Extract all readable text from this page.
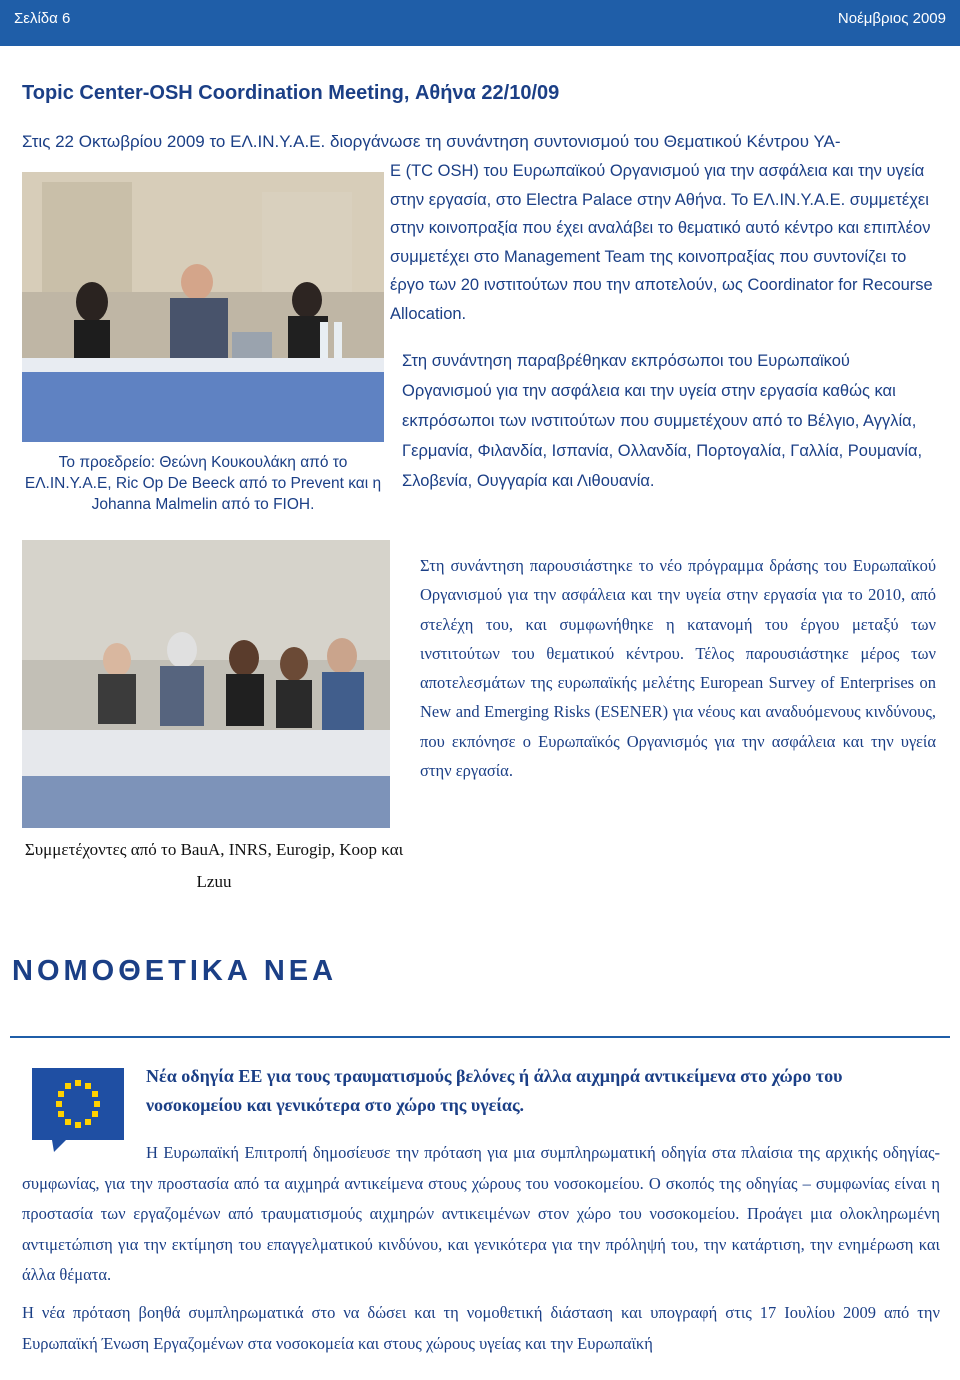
Σελίδα 6	Νοέμβριος 2009
Topic Center-OSH Coordination Meeting, Αθήνα 22/10/09
Στις 22 Οκτωβρίου 2009 το ΕΛ.ΙΝ.Υ.Α.Ε. διοργάνωσε τη συνάντηση συντονισμού του Θεματικού Κέντρου ΥΑ-
Το προεδρείο: Θεώνη Κουκουλάκη από το ΕΛ.ΙΝ.Υ.Α.Ε, Ric Op De Beeck από το Prevent και η Johanna Malmelin από το FIOH.
Ε (TC OSH) του Ευρωπαϊκού Οργανισμού για την ασφάλεια και την υγεία στην εργασία, στο Electra Palace στην Αθήνα. Το ΕΛ.ΙΝ.Υ.Α.Ε. συμμετέχει στην κοινοπραξία που έχει αναλάβει το θεματικό αυτό κέντρο και επιπλέον συμμετέχει στο Management Team της κοινοπραξίας που συντονίζει το έργο των 20 ινστιτούτων που την αποτελούν, ως Coordinator for Recourse Allocation.
Στη συνάντηση παραβρέθηκαν εκπρόσωποι του Ευρωπαϊκού Οργανισμού για την ασφάλεια και την υγεία στην εργασία καθώς και εκπρόσωποι των ινστιτούτων που συμμετέχουν από το Βέλγιο, Αγγλία, Γερμανία, Φιλανδία, Ισπανία, Ολλανδία, Πορτογαλία, Γαλλία, Ρουμανία, Σλοβενία, Ουγγαρία και Λιθουανία.
Συμμετέχοντες από το BauA, INRS, Eurogip, Koop και Lzuu
Στη συνάντηση παρουσιάστηκε το νέο πρόγραμμα δράσης του Ευρωπαϊκού Οργανισμού για την ασφάλεια και την υγεία στην εργασία για το 2010, από στελέχη του, και συμφωνήθηκε η κατανομή του έργου μεταξύ των ινστιτούτων του θεματικού κέντρου. Τέλος παρουσιάστηκε μέρος των αποτελεσμάτων της ευρωπαϊκής μελέτης European Survey of Enterprises on New and Emerging Risks (ESENER) για νέους και αναδυόμενους κινδύνους, που εκπόνησε ο Ευρωπαϊκός Οργανισμός για την ασφάλεια και την υγεία στην εργασία.
ΝΟΜΟΘΕΤΙΚΑ ΝΕΑ
Νέα οδηγία ΕΕ για τους τραυματισμούς βελόνες ή άλλα αιχμηρά αντικείμενα στο χώρο του νοσοκομείου και γενικότερα στο χώρο της υγείας.
Η Ευρωπαϊκή Επιτροπή δημοσίευσε την πρόταση για μια συμπληρωματική οδηγία στα πλαίσια της αρχικής οδηγίας- συμφωνίας, για την προστασία από τα αιχμηρά αντικείμενα στους χώρους του νοσοκομείου. Ο σκοπός της οδηγίας – συμφωνίας είναι η προστασία των εργαζομένων από τραυματισμούς αιχμηρών αντικειμένων στον χώρο του νοσοκομείου. Προάγει μια ολοκληρωμένη αντιμετώπιση για την εκτίμηση του επαγγελματικού κινδύνου, και γενικότερα για την πρόληψή του, την κατάρτιση, την ενημέρωση και άλλα θέματα.
Η νέα πρόταση βοηθά συμπληρωματικά στο να δώσει και τη νομοθετική διάσταση και υπογραφή στις 17 Ιουλίου 2009 από την Ευρωπαϊκή Ένωση Εργαζομένων στα νοσοκομεία και στους χώρους υγείας και την Ευρωπαϊκή
